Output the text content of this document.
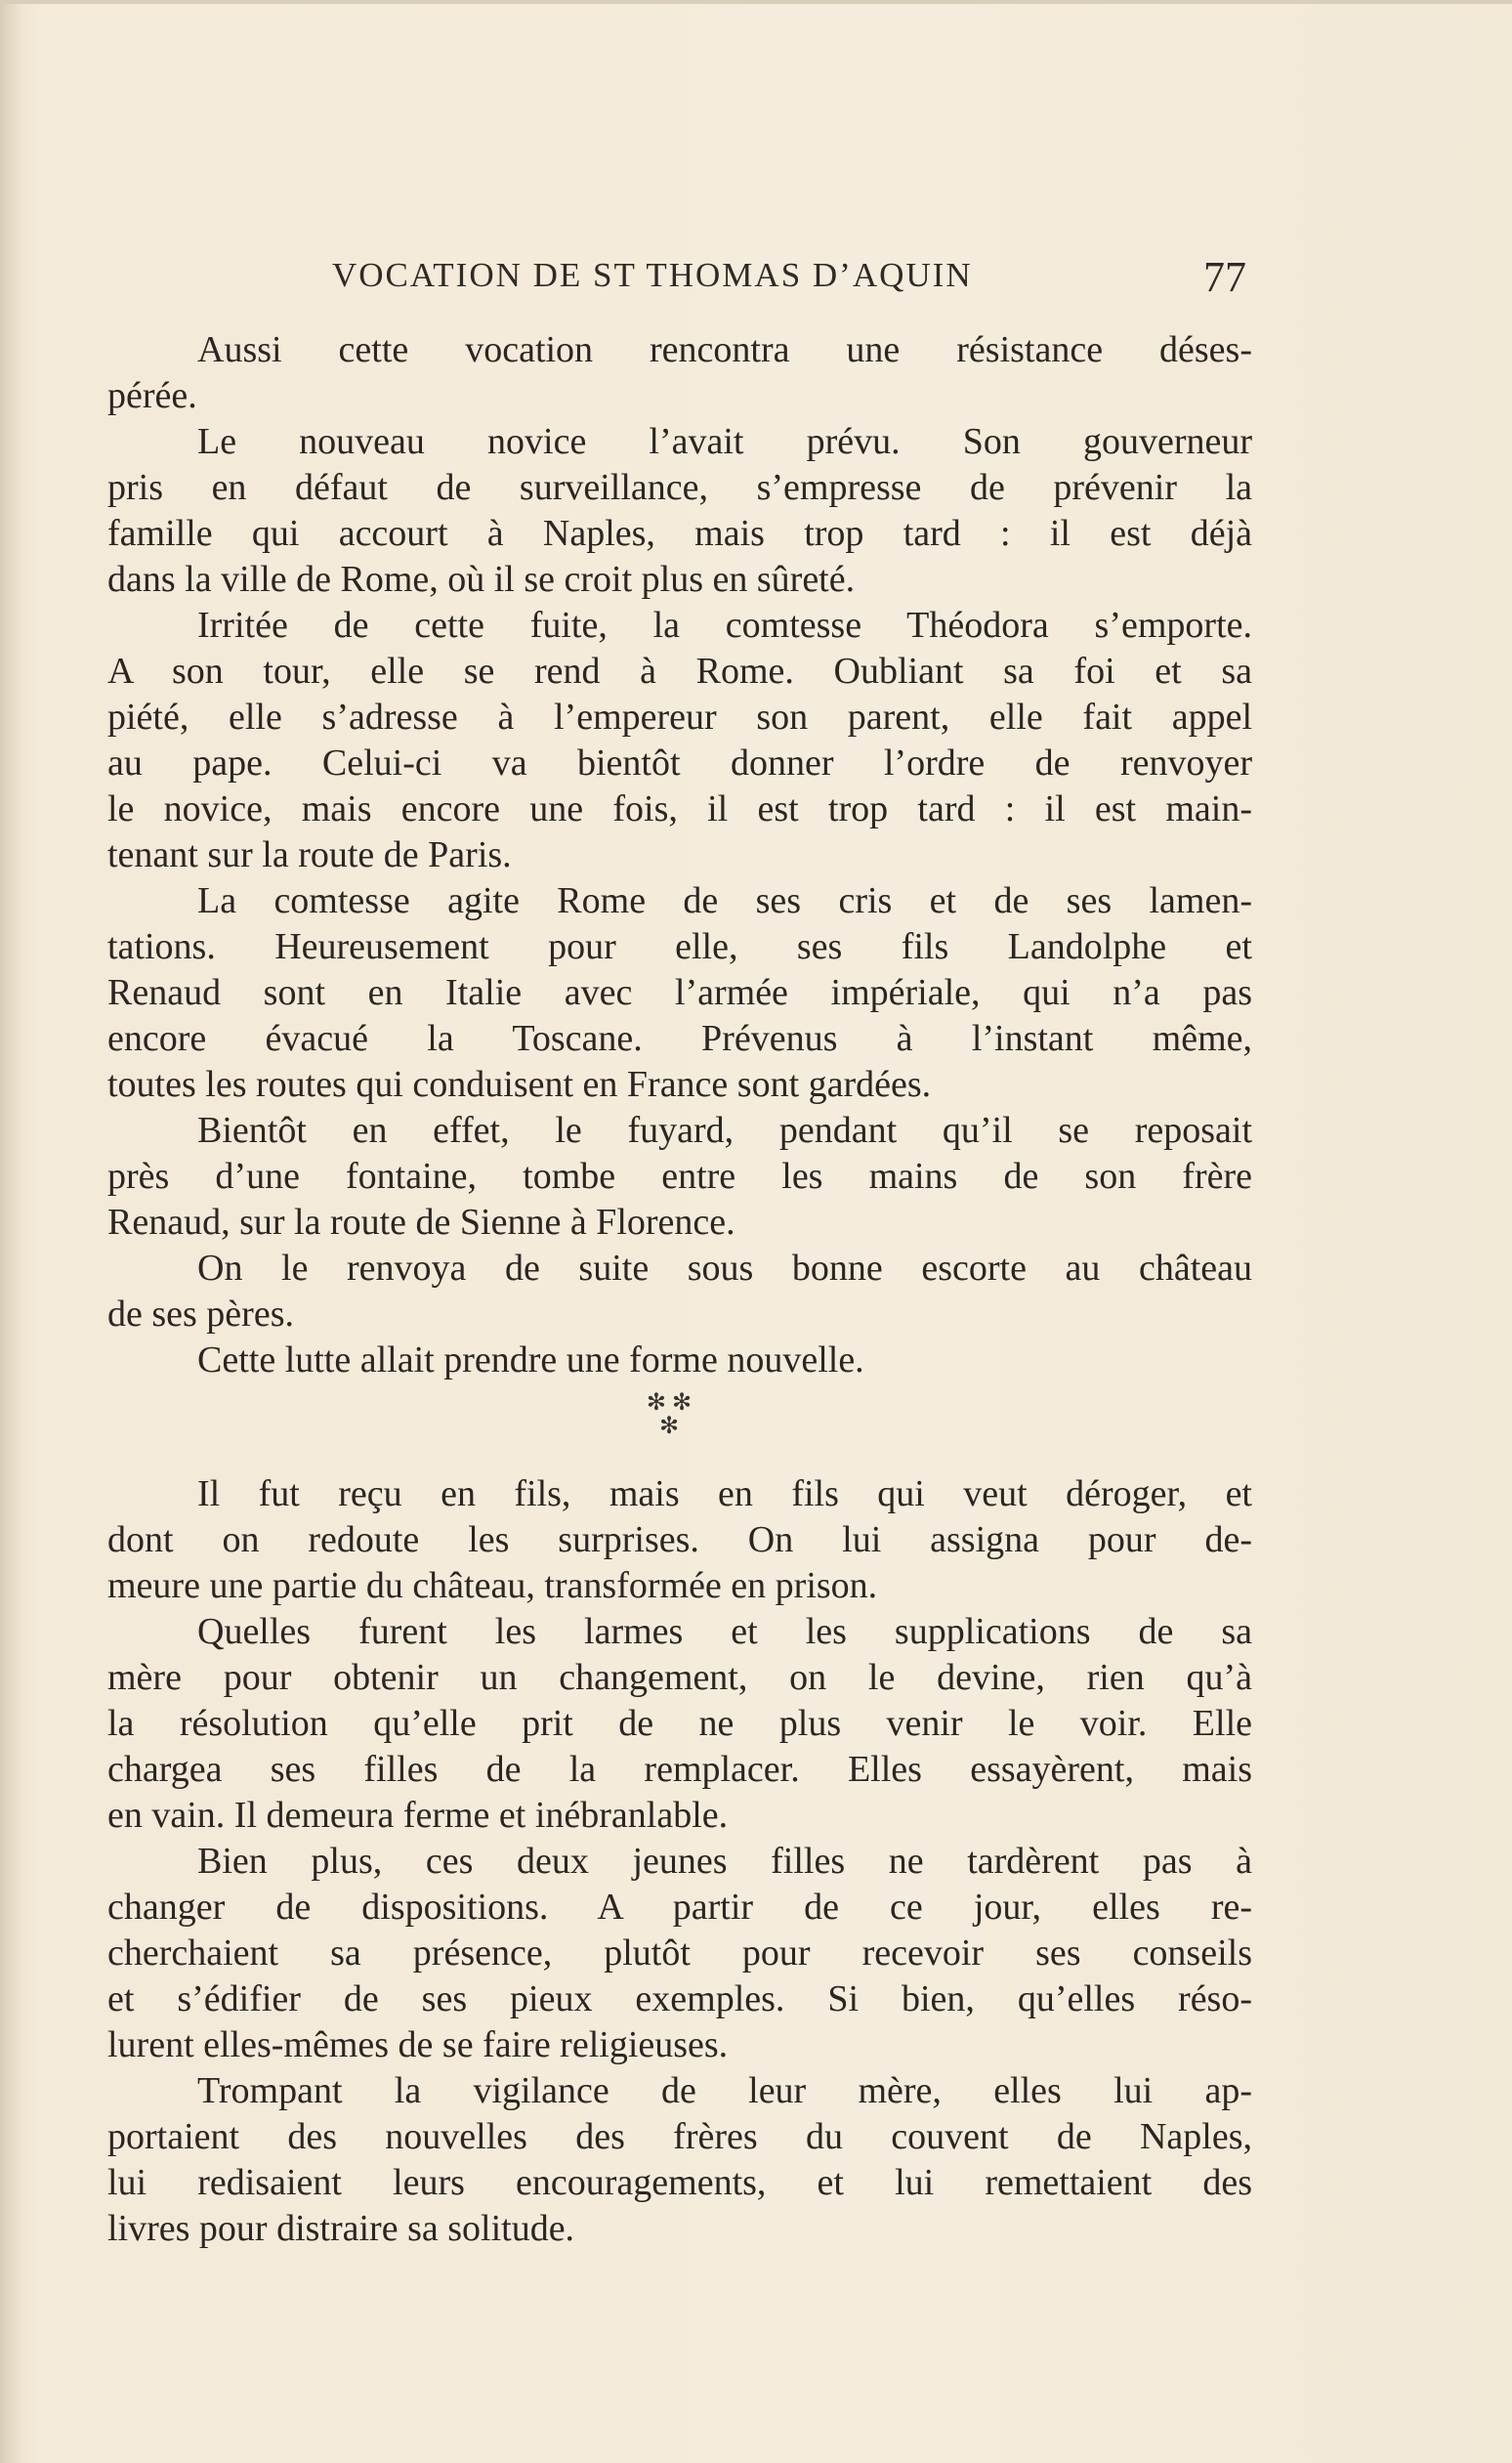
VOCATION DE ST THOMAS D’AQUIN	77
Aussi cette vocation rencontra une résistance déses-
pérée.
Le nouveau novice l’avait prévu. Son gouverneur
pris en défaut de surveillance, s’empresse de prévenir la
famille qui accourt à Naples, mais trop tard : il est déjà
dans la ville de Rome, où il se croit plus en sûreté.
Irritée de cette fuite, la comtesse Théodora s’emporte.
A son tour, elle se rend à Rome. Oubliant sa foi et sa
piété, elle s’adresse à l’empereur son parent, elle fait appel
au pape. Celui-ci va bientôt donner l’ordre de renvoyer
le novice, mais encore une fois, il est trop tard : il est main-
tenant sur la route de Paris.
La comtesse agite Rome de ses cris et de ses lamen-
tations. Heureusement pour elle, ses fils Landolphe et
Renaud sont en Italie avec l’armée impériale, qui n’a pas
encore évacué la Toscane. Prévenus à l’instant même,
toutes les routes qui conduisent en France sont gardées.
Bientôt en effet, le fuyard, pendant qu’il se reposait
près d’une fontaine, tombe entre les mains de son frère
Renaud, sur la route de Sienne à Florence.
On le renvoya de suite sous bonne escorte au château
de ses pères.
Cette lutte allait prendre une forme nouvelle.
✻ ✻
✻
Il fut reçu en fils, mais en fils qui veut déroger, et
dont on redoute les surprises. On lui assigna pour de-
meure une partie du château, transformée en prison.
Quelles furent les larmes et les supplications de sa
mère pour obtenir un changement, on le devine, rien qu’à
la résolution qu’elle prit de ne plus venir le voir. Elle
chargea ses filles de la remplacer. Elles essayèrent, mais
en vain. Il demeura ferme et inébranlable.
Bien plus, ces deux jeunes filles ne tardèrent pas à
changer de dispositions. A partir de ce jour, elles re-
cherchaient sa présence, plutôt pour recevoir ses conseils
et s’édifier de ses pieux exemples. Si bien, qu’elles réso-
lurent elles-mêmes de se faire religieuses.
Trompant la vigilance de leur mère, elles lui ap-
portaient des nouvelles des frères du couvent de Naples,
lui redisaient leurs encouragements, et lui remettaient des
livres pour distraire sa solitude.
